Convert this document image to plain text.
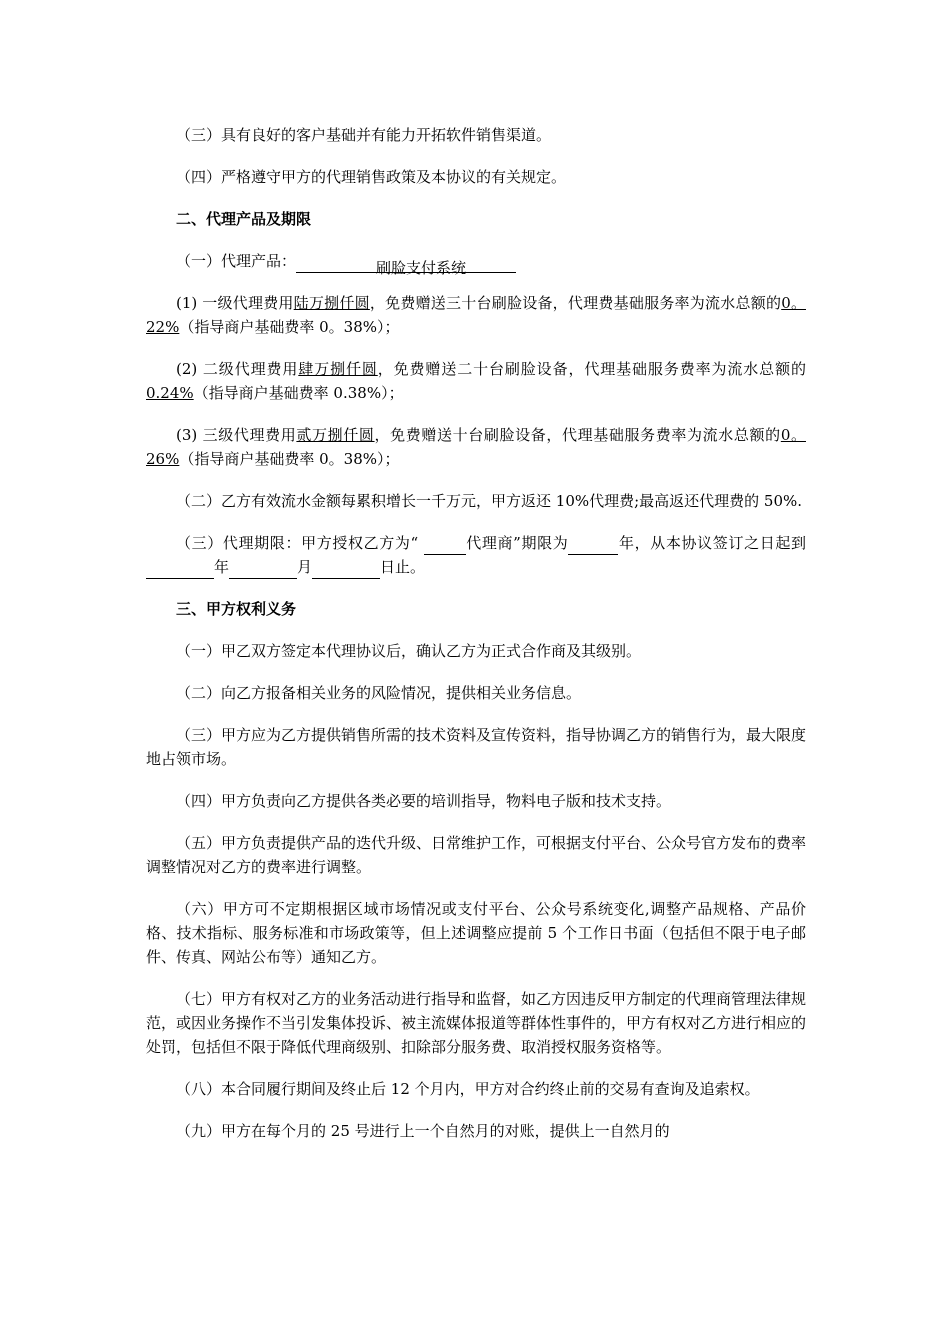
（三）具有良好的客户基础并有能力开拓软件销售渠道。

（四）严格遵守甲方的代理销售政策及本协议的有关规定。

二、代理产品及期限

（一）代理产品：	刷脸支付系统

(1) 一级代理费用陆万捌仟圆，免费赠送三十台刷脸设备，代理费基础服务率为流水总额的0。22%（指导商户基础费率 0。38%）；

(2) 二级代理费用肆万捌仟圆，免费赠送二十台刷脸设备，代理基础服务费率为流水总额的0.24%（指导商户基础费率 0.38%）；

(3) 三级代理费用贰万捌仟圆，免费赠送十台刷脸设备，代理基础服务费率为流水总额的0。26%（指导商户基础费率 0。38%）；

（二）乙方有效流水金额每累积增长一千万元，甲方返还 10%代理费;最高返还代理费的 50%.

（三）代理期限：甲方授权乙方为“	代理商”期限为	年，从本协议签订之日起到年	月	日止。

三、甲方权利义务

（一）甲乙双方签定本代理协议后，确认乙方为正式合作商及其级别。

（二）向乙方报备相关业务的风险情况，提供相关业务信息。

（三）甲方应为乙方提供销售所需的技术资料及宣传资料，指导协调乙方的销售行为，最大限度地占领市场。

（四）甲方负责向乙方提供各类必要的培训指导，物料电子版和技术支持。

（五）甲方负责提供产品的迭代升级、日常维护工作，可根据支付平台、公众号官方发布的费率调整情况对乙方的费率进行调整。

（六）甲方可不定期根据区域市场情况或支付平台、公众号系统变化,调整产品规格、产品价格、技术指标、服务标准和市场政策等，但上述调整应提前 5 个工作日书面（包括但不限于电子邮件、传真、网站公布等）通知乙方。

（七）甲方有权对乙方的业务活动进行指导和监督，如乙方因违反甲方制定的代理商管理法律规范，或因业务操作不当引发集体投诉、被主流媒体报道等群体性事件的，甲方有权对乙方进行相应的处罚，包括但不限于降低代理商级别、扣除部分服务费、取消授权服务资格等。

（八）本合同履行期间及终止后 12 个月内，甲方对合约终止前的交易有查询及追索权。

（九）甲方在每个月的 25 号进行上一个自然月的对账，提供上一自然月的
